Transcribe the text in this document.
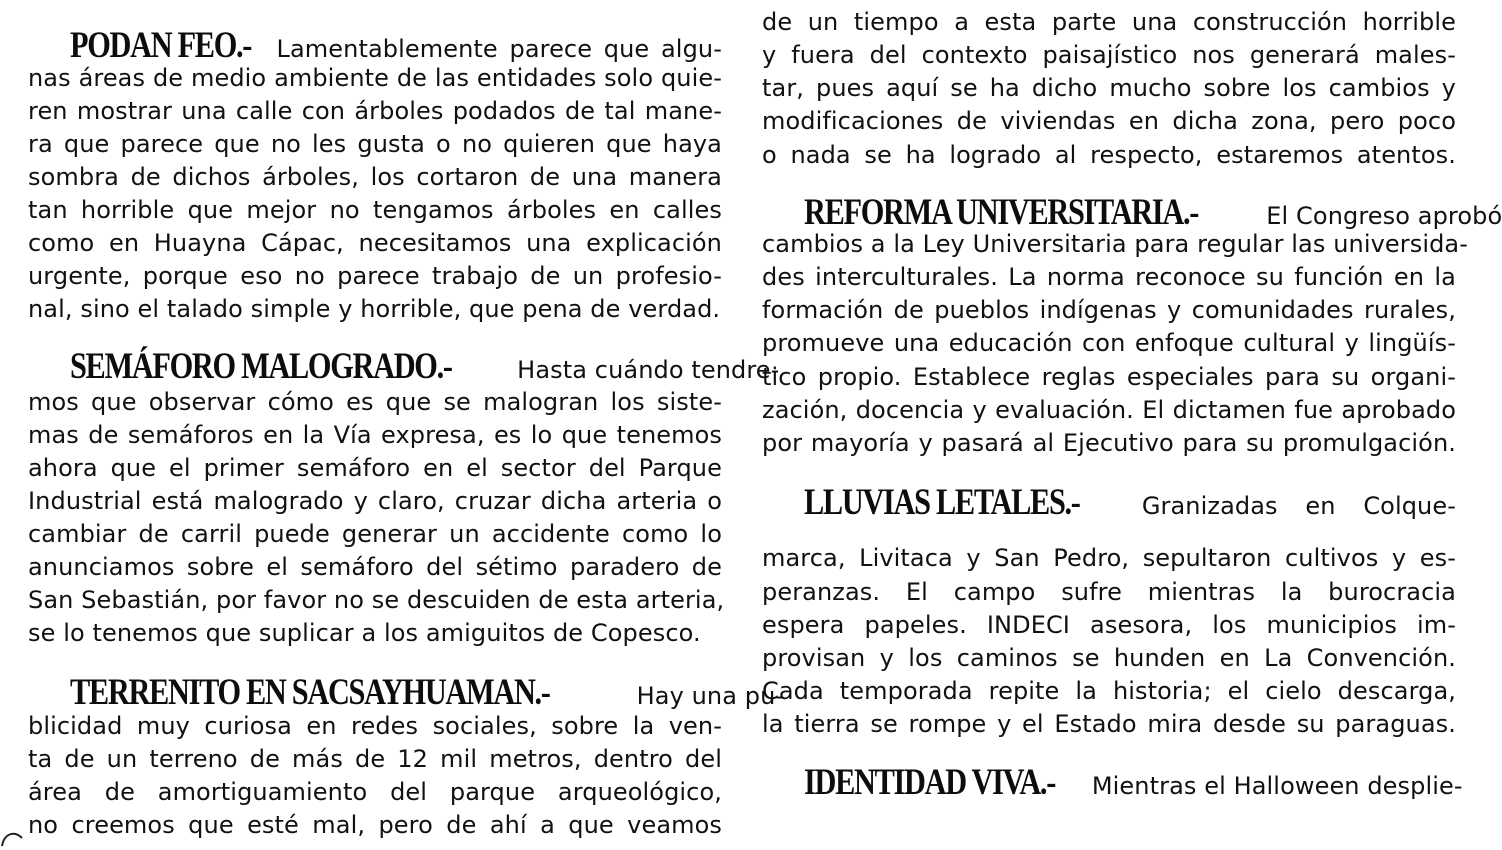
PODAN FEO.- Lamentablemente parece que algu-
nas áreas de medio ambiente de las entidades solo quie-
ren mostrar una calle con árboles podados de tal mane-
ra que parece que no les gusta o no quieren que haya
sombra de dichos árboles, los cortaron de una manera
tan horrible que mejor no tengamos árboles en calles
como en Huayna Cápac, necesitamos una explicación
urgente, porque eso no parece trabajo de un profesio-
nal, sino el talado simple y horrible, que pena de verdad.
SEMÁFORO MALOGRADO.-	Hasta cuándo tendre-
mos que observar cómo es que se malogran los siste-
mas de semáforos en la Vía expresa, es lo que tenemos
ahora que el primer semáforo en el sector del Parque
Industrial está malogrado y claro, cruzar dicha arteria o
cambiar de carril puede generar un accidente como lo
anunciamos sobre el semáforo del sétimo paradero de
San Sebastián, por favor no se descuiden de esta arteria,
se lo tenemos que suplicar a los amiguitos de Copesco.
TERRENITO EN SACSAYHUAMAN.-	Hay una pu-
blicidad muy curiosa en redes sociales, sobre la ven-
ta de un terreno de más de 12 mil metros, dentro del
área de amortiguamiento del parque arqueológico,
no creemos que esté mal, pero de ahí a que veamos
de un tiempo a esta parte una construcción horrible
y fuera del contexto paisajístico nos generará males-
tar, pues aquí se ha dicho mucho sobre los cambios y
modificaciones de viviendas en dicha zona, pero poco
o nada se ha logrado al respecto, estaremos atentos.
REFORMA UNIVERSITARIA.-	El Congreso aprobó
cambios a la Ley Universitaria para regular las universida-
des interculturales. La norma reconoce su función en la
formación de pueblos indígenas y comunidades rurales,
promueve una educación con enfoque cultural y lingüís-
tico propio. Establece reglas especiales para su organi-
zación, docencia y evaluación. El dictamen fue aprobado
por mayoría y pasará al Ejecutivo para su promulgación.
LLUVIAS LETALES.-	Granizadas en Colque-
marca, Livitaca y San Pedro, sepultaron cultivos y es-
peranzas. El campo sufre mientras la burocracia
espera papeles. INDECI asesora, los municipios im-
provisan y los caminos se hunden en La Convención.
Cada temporada repite la historia; el cielo descarga,
la tierra se rompe y el Estado mira desde su paraguas.
IDENTIDAD VIVA.- Mientras el Halloween desplie-
